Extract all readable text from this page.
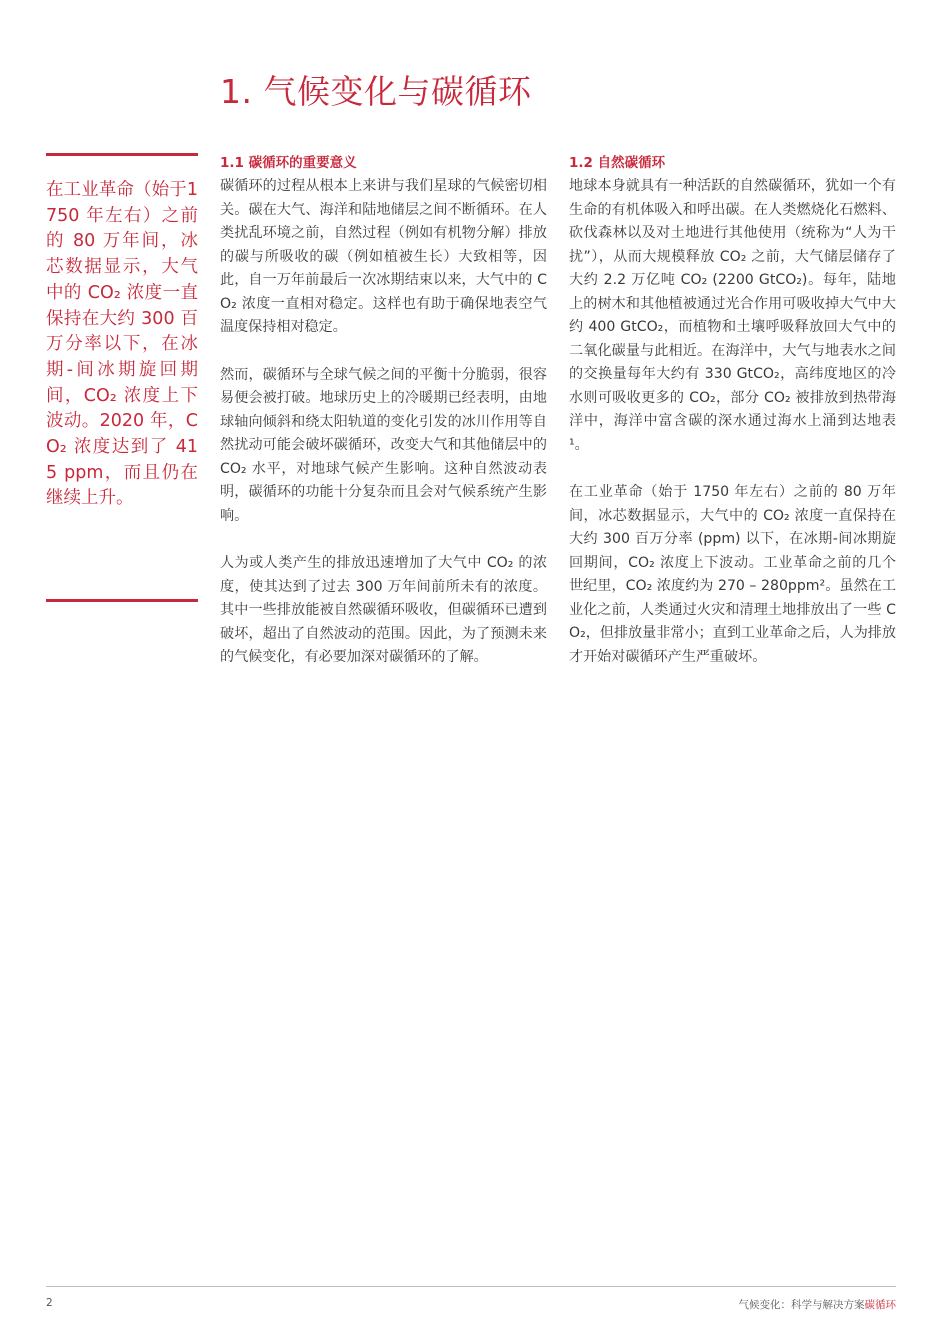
1. 气候变化与碳循环

在工业革命（始于1750 年左右）之前的 80 万年间，冰芯数据显示，大气中的 CO₂ 浓度一直保持在大约 300 百万分率以下，在冰期-间冰期旋回期间，CO₂ 浓度上下波动。2020 年，CO₂ 浓度达到了 415 ppm，而且仍在继续上升。

1.1 碳循环的重要意义

碳循环的过程从根本上来讲与我们星球的气候密切相关。碳在大气、海洋和陆地储层之间不断循环。在人类扰乱环境之前，自然过程（例如有机物分解）排放的碳与所吸收的碳（例如植被生长）大致相等，因此，自一万年前最后一次冰期结束以来，大气中的 CO₂ 浓度一直相对稳定。这样也有助于确保地表空气温度保持相对稳定。

然而，碳循环与全球气候之间的平衡十分脆弱，很容易便会被打破。地球历史上的冷暖期已经表明，由地球轴向倾斜和绕太阳轨道的变化引发的冰川作用等自然扰动可能会破坏碳循环，改变大气和其他储层中的 CO₂ 水平，对地球气候产生影响。这种自然波动表明，碳循环的功能十分复杂而且会对气候系统产生影响。

人为或人类产生的排放迅速增加了大气中 CO₂ 的浓度，使其达到了过去 300 万年间前所未有的浓度。其中一些排放能被自然碳循环吸收，但碳循环已遭到破坏，超出了自然波动的范围。因此，为了预测未来的气候变化，有必要加深对碳循环的了解。

1.2 自然碳循环

地球本身就具有一种活跃的自然碳循环，犹如一个有生命的有机体吸入和呼出碳。在人类燃烧化石燃料、砍伐森林以及对土地进行其他使用（统称为“人为干扰”），从而大规模释放 CO₂ 之前，大气储层储存了大约 2.2 万亿吨 CO₂ (2200 GtCO₂)。每年，陆地上的树木和其他植被通过光合作用可吸收掉大气中大约 400 GtCO₂，而植物和土壤呼吸释放回大气中的二氧化碳量与此相近。在海洋中，大气与地表水之间的交换量每年大约有 330 GtCO₂，高纬度地区的冷水则可吸收更多的 CO₂，部分 CO₂ 被排放到热带海洋中，海洋中富含碳的深水通过海水上涌到达地表¹。

在工业革命（始于 1750 年左右）之前的 80 万年间，冰芯数据显示，大气中的 CO₂ 浓度一直保持在大约 300 百万分率 (ppm) 以下，在冰期-间冰期旋回期间，CO₂ 浓度上下波动。工业革命之前的几个世纪里，CO₂ 浓度约为 270 – 280ppm²。虽然在工业化之前，人类通过火灾和清理土地排放出了一些 CO₂，但排放量非常小；直到工业革命之后，人为排放才开始对碳循环产生严重破坏。

2	气候变化：科学与解决方案碳循环
